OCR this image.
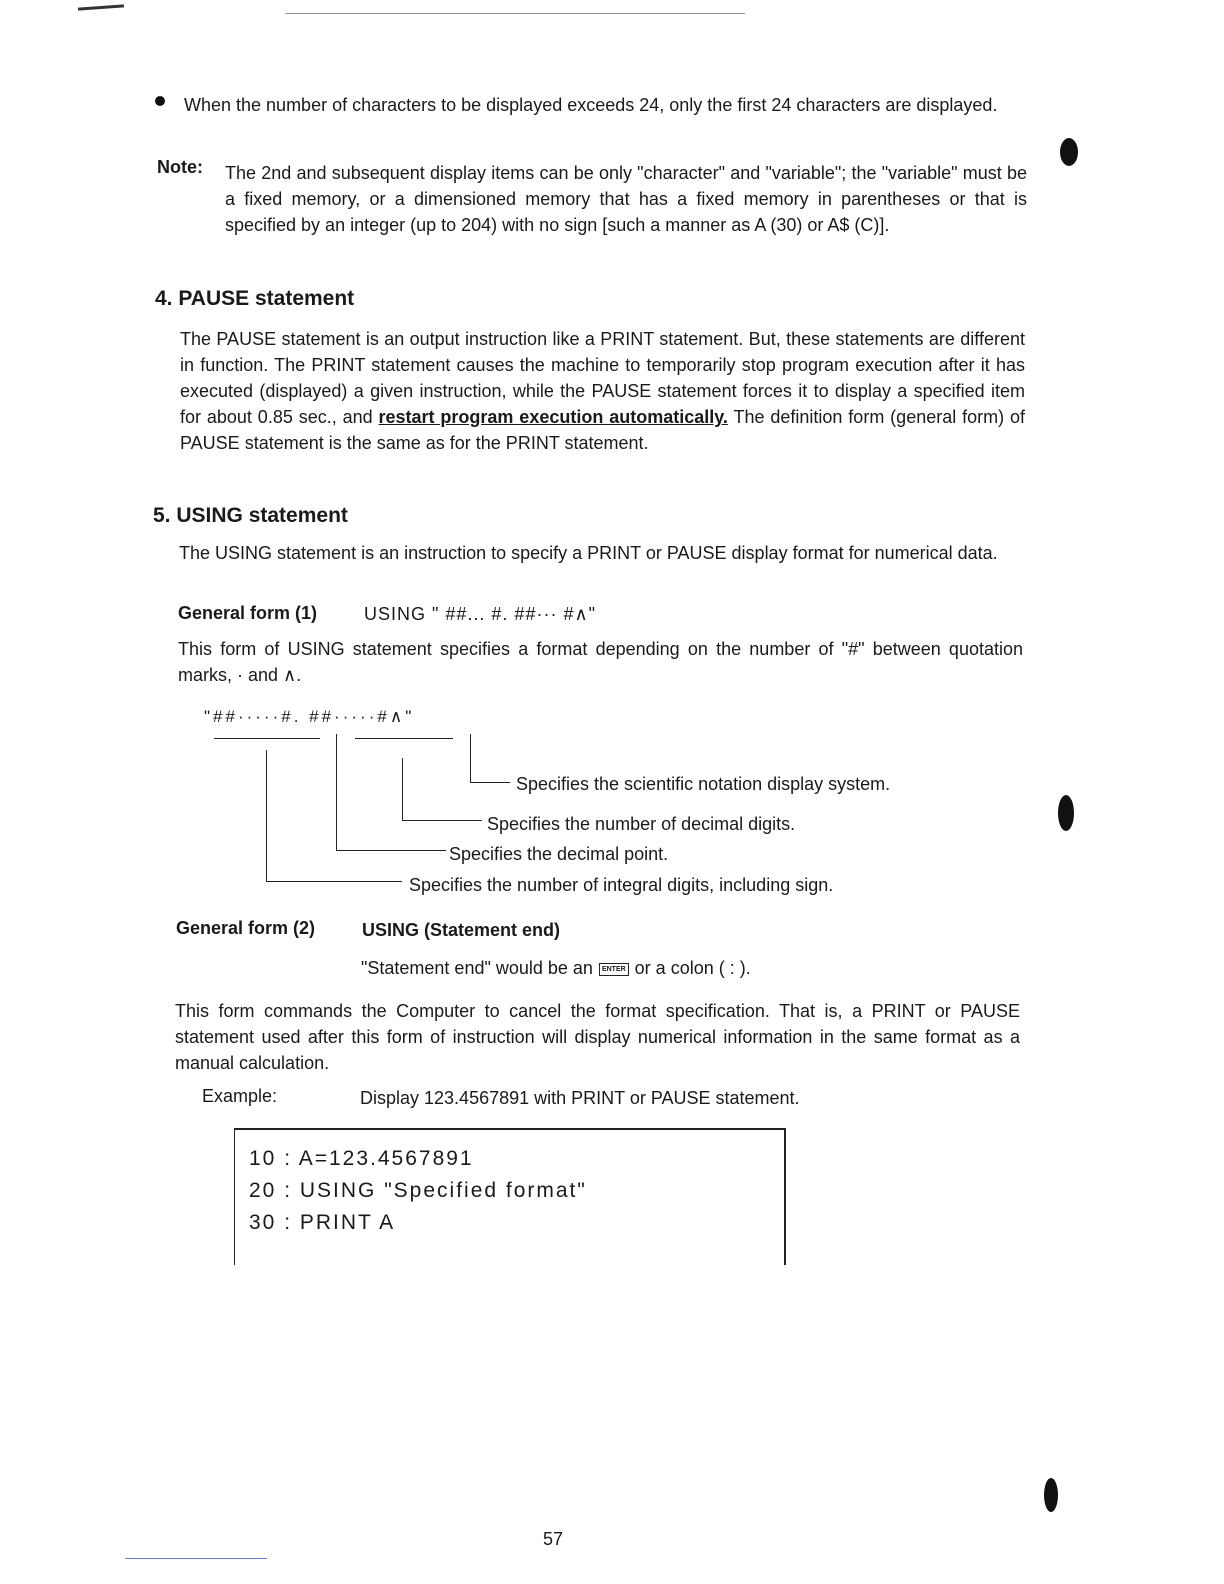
When the number of characters to be displayed exceeds 24, only the first 24 characters are displayed.

Note: The 2nd and subsequent display items can be only "character" and "variable"; the "variable" must be a fixed memory, or a dimensioned memory that has a fixed memory in parentheses or that is specified by an integer (up to 204) with no sign [such a manner as A (30) or A$ (C)].

4. PAUSE statement

The PAUSE statement is an output instruction like a PRINT statement. But, these statements are different in function. The PRINT statement causes the machine to temporarily stop program execution after it has executed (displayed) a given instruction, while the PAUSE statement forces it to display a specified item for about 0.85 sec., and restart program execution automatically. The definition form (general form) of PAUSE statement is the same as for the PRINT statement.

5. USING statement

The USING statement is an instruction to specify a PRINT or PAUSE display format for numerical data.

General form (1)	USING " ##... #. ##··· #∧"

This form of USING statement specifies a format depending on the number of "#" between quotation marks, · and ∧.

"##·····#. ##·····#∧"
Specifies the scientific notation display system.
Specifies the number of decimal digits.
Specifies the decimal point.
Specifies the number of integral digits, including sign.
General form (2)	USING (Statement end)
"Statement end" would be an ENTER or a colon ( : ).

This form commands the Computer to cancel the format specification. That is, a PRINT or PAUSE statement used after this form of instruction will display numerical information in the same format as a manual calculation.

Example:	Display 123.4567891 with PRINT or PAUSE statement.
10 : A=123.4567891
20 : USING "Specified format"
30 : PRINT A
57
